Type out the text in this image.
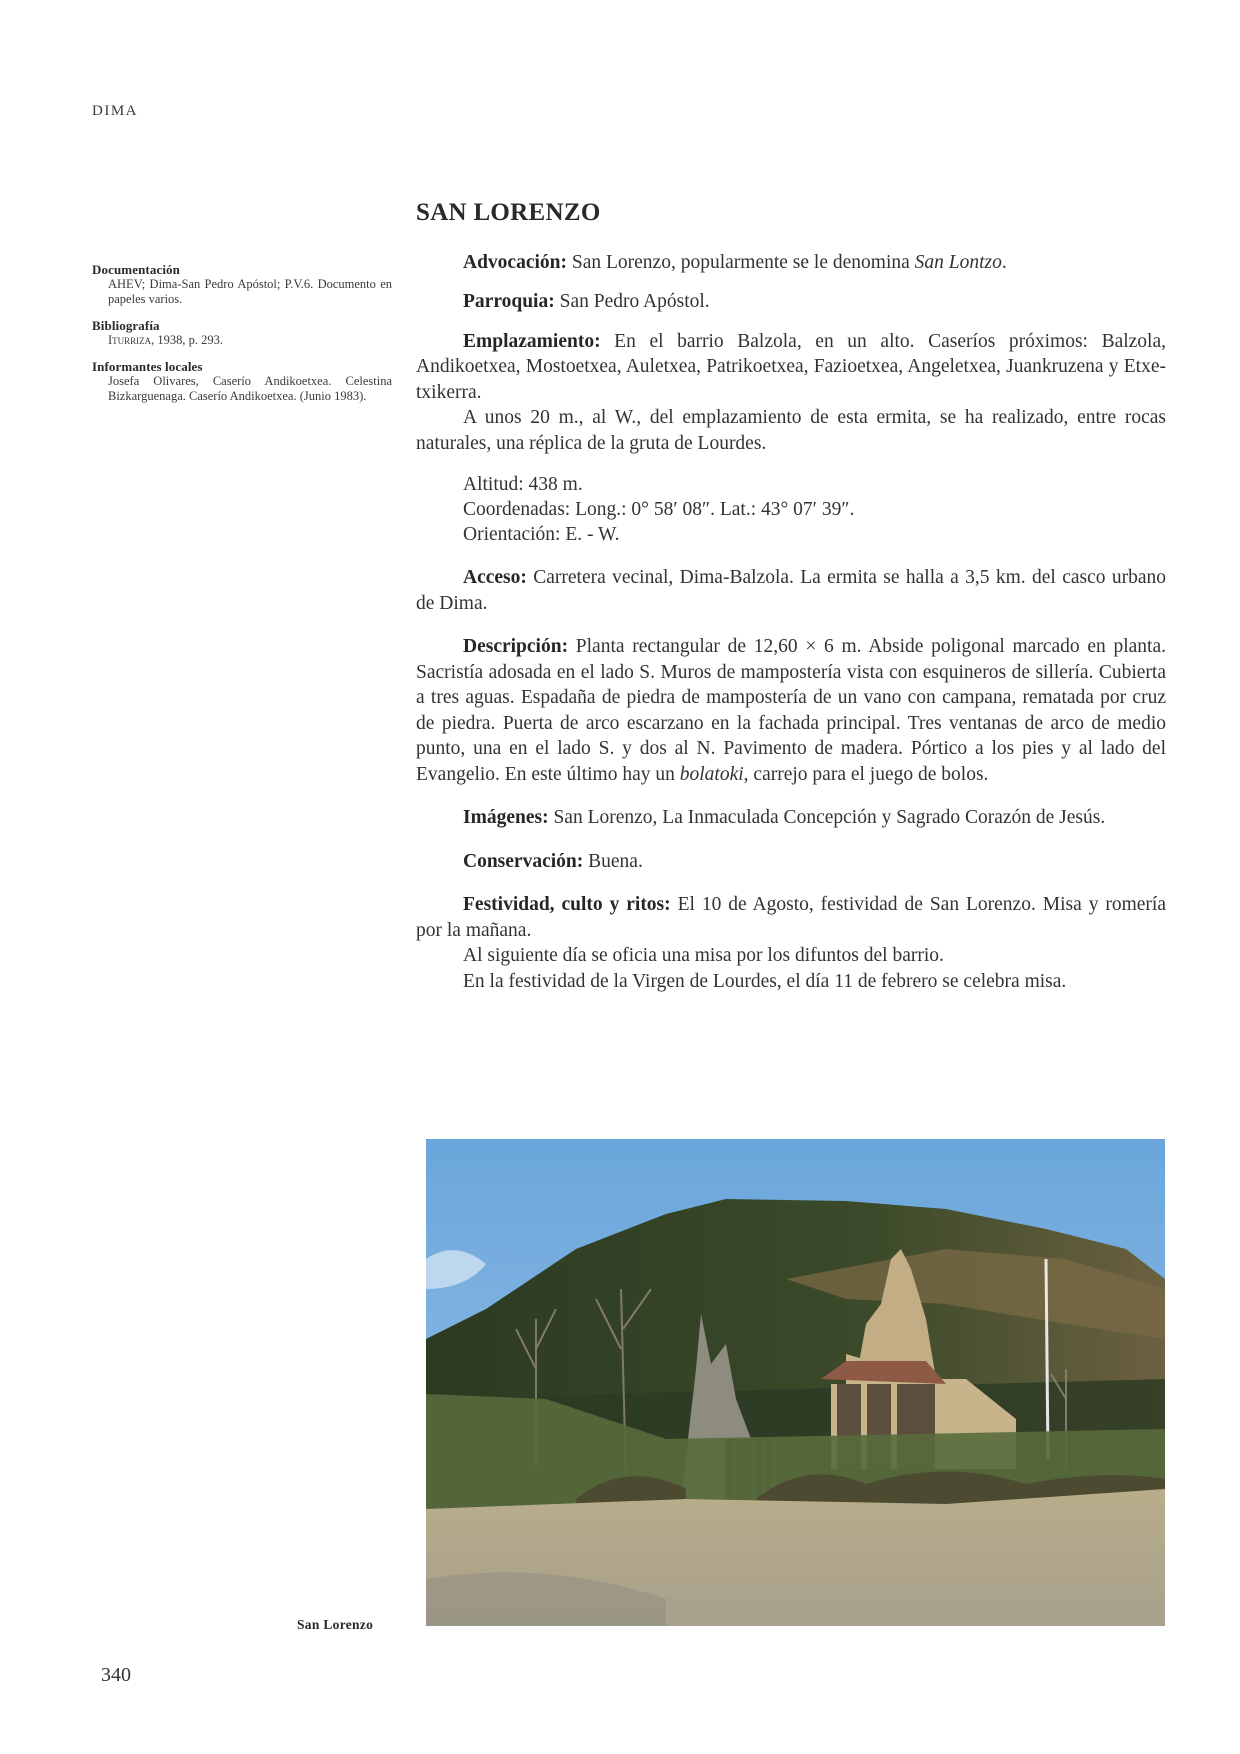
DIMA
Documentación
AHEV; Dima-San Pedro Apóstol; P.V.6. Documento en papeles varios.
Bibliografía
Iturriza, 1938, p. 293.
Informantes locales
Josefa Olivares, Caserío Andikoetxea. Celestina Bizkarguenaga. Caserío Andikoetxea. (Junio 1983).
SAN LORENZO

Advocación: San Lorenzo, popularmente se le denomina San Lontzo.

Parroquia: San Pedro Apóstol.

Emplazamiento: En el barrio Balzola, en un alto. Caseríos próximos: Balzola, Andikoetxea, Mostoetxea, Auletxea, Patrikoetxea, Fazioetxea, Angeletxea, Juankruzena y Etxe-txikerra.

A unos 20 m., al W., del emplazamiento de esta ermita, se ha realizado, entre rocas naturales, una réplica de la gruta de Lourdes.

Altitud: 438 m.
Coordenadas: Long.: 0° 58′ 08″. Lat.: 43° 07′ 39″.
Orientación: E. - W.

Acceso: Carretera vecinal, Dima-Balzola. La ermita se halla a 3,5 km. del casco urbano de Dima.

Descripción: Planta rectangular de 12,60 × 6 m. Abside poligonal marcado en planta. Sacristía adosada en el lado S. Muros de mampostería vista con esquineros de sillería. Cubierta a tres aguas. Espadaña de piedra de mampostería de un vano con campana, rematada por cruz de piedra. Puerta de arco escarzano en la fachada principal. Tres ventanas de arco de medio punto, una en el lado S. y dos al N. Pavimento de madera. Pórtico a los pies y al lado del Evangelio. En este último hay un bolatoki, carrejo para el juego de bolos.

Imágenes: San Lorenzo, La Inmaculada Concepción y Sagrado Corazón de Jesús.

Conservación: Buena.

Festividad, culto y ritos: El 10 de Agosto, festividad de San Lorenzo. Misa y romería por la mañana.

Al siguiente día se oficia una misa por los difuntos del barrio.

En la festividad de la Virgen de Lourdes, el día 11 de febrero se celebra misa.

San Lorenzo
340
